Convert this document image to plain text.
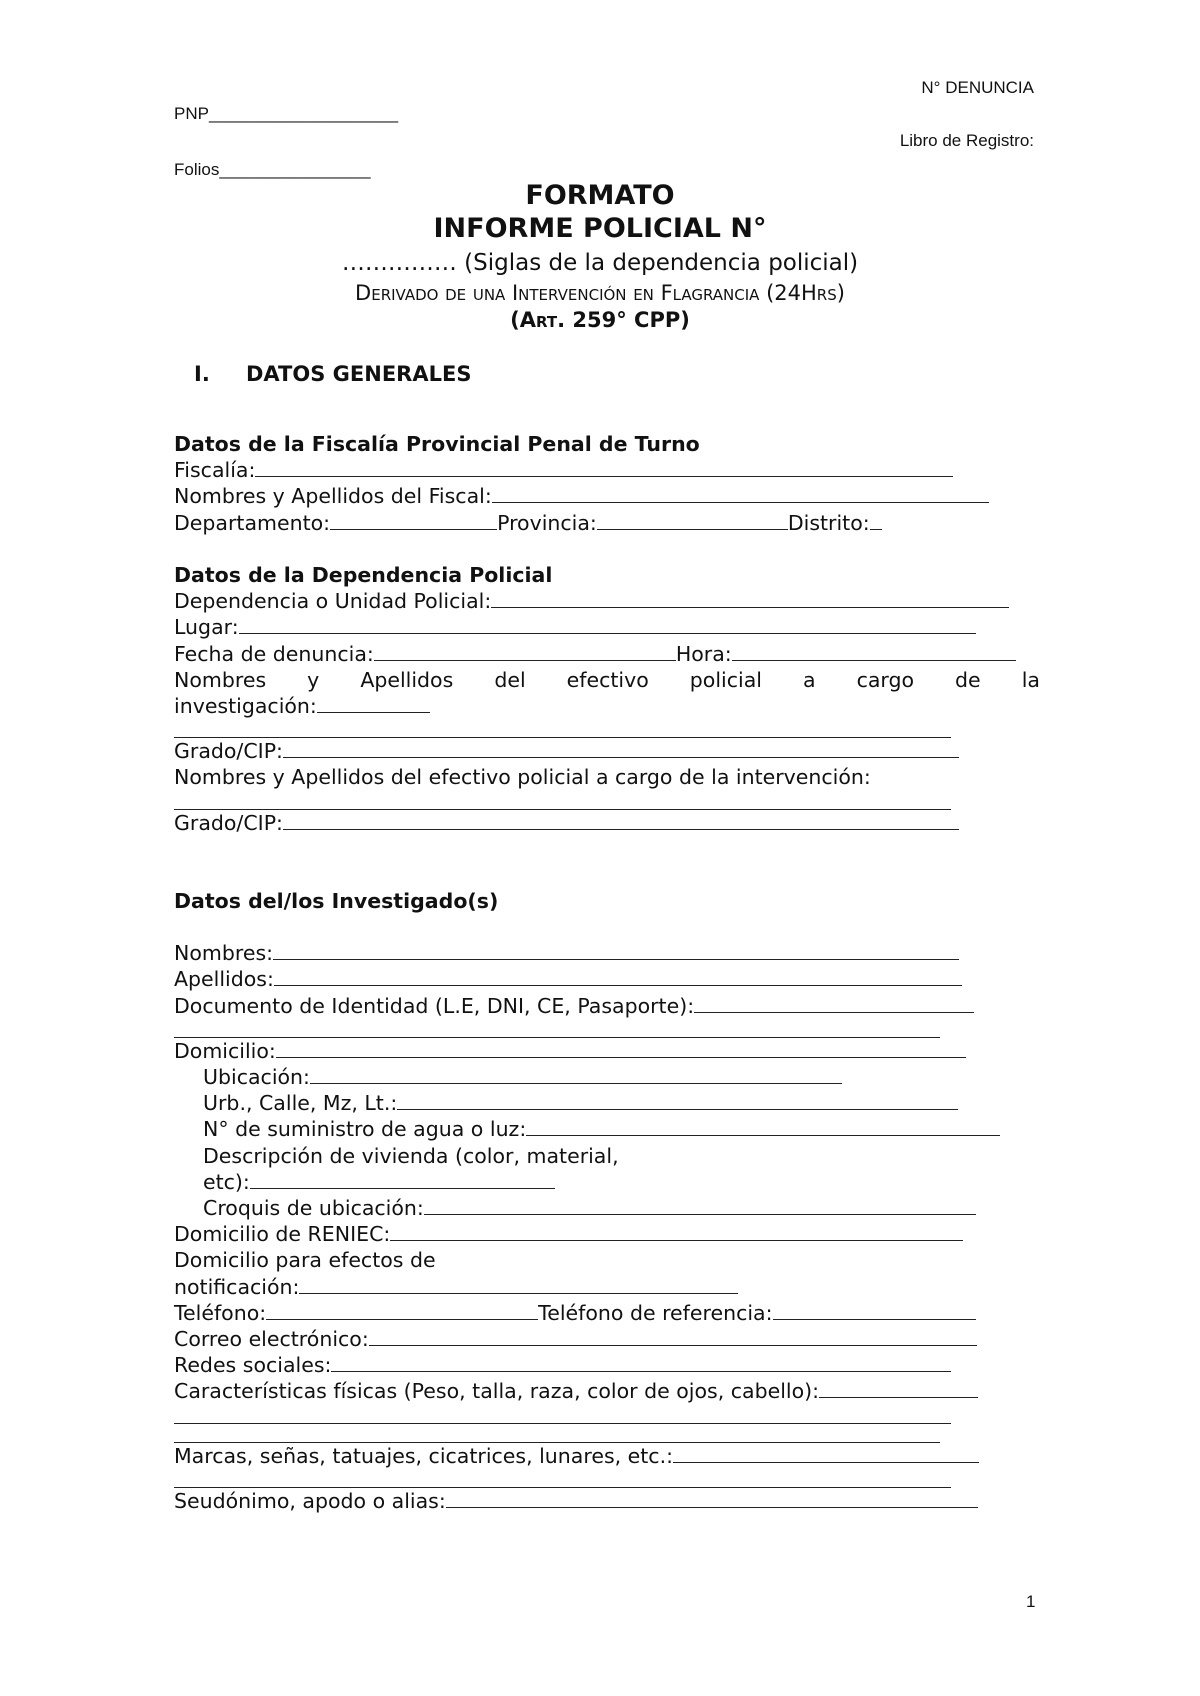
N° DENUNCIA
PNP____________________
Libro de Registro:
Folios________________
FORMATO
INFORME POLICIAL N°
…………… (Siglas de la dependencia policial)
Derivado de una Intervención en Flagrancia (24Hrs)
(Art. 259° CPP)
I. DATOS GENERALES
Datos de la Fiscalía Provincial Penal de Turno
Fiscalía:
Nombres y Apellidos del Fiscal:
Departamento:	Provincia:	Distrito:
Datos de la Dependencia Policial
Dependencia o Unidad Policial:
Lugar:
Fecha de denuncia:	Hora:
Nombres y Apellidos del efectivo policial a cargo de la
investigación:
Grado/CIP:
Nombres y Apellidos del efectivo policial a cargo de la intervención:
Grado/CIP:
Datos del/los Investigado(s)
Nombres:
Apellidos:
Documento de Identidad (L.E, DNI, CE, Pasaporte):
Domicilio:
Ubicación:
Urb., Calle, Mz, Lt.:
N° de suministro de agua o luz:
Descripción de vivienda (color, material,
etc):
Croquis de ubicación:
Domicilio de RENIEC:
Domicilio para efectos de
notificación:
Teléfono:	Teléfono de referencia:
Correo electrónico:
Redes sociales:
Características físicas (Peso, talla, raza, color de ojos, cabello):
Marcas, señas, tatuajes, cicatrices, lunares, etc.:
Seudónimo, apodo o alias:
1
